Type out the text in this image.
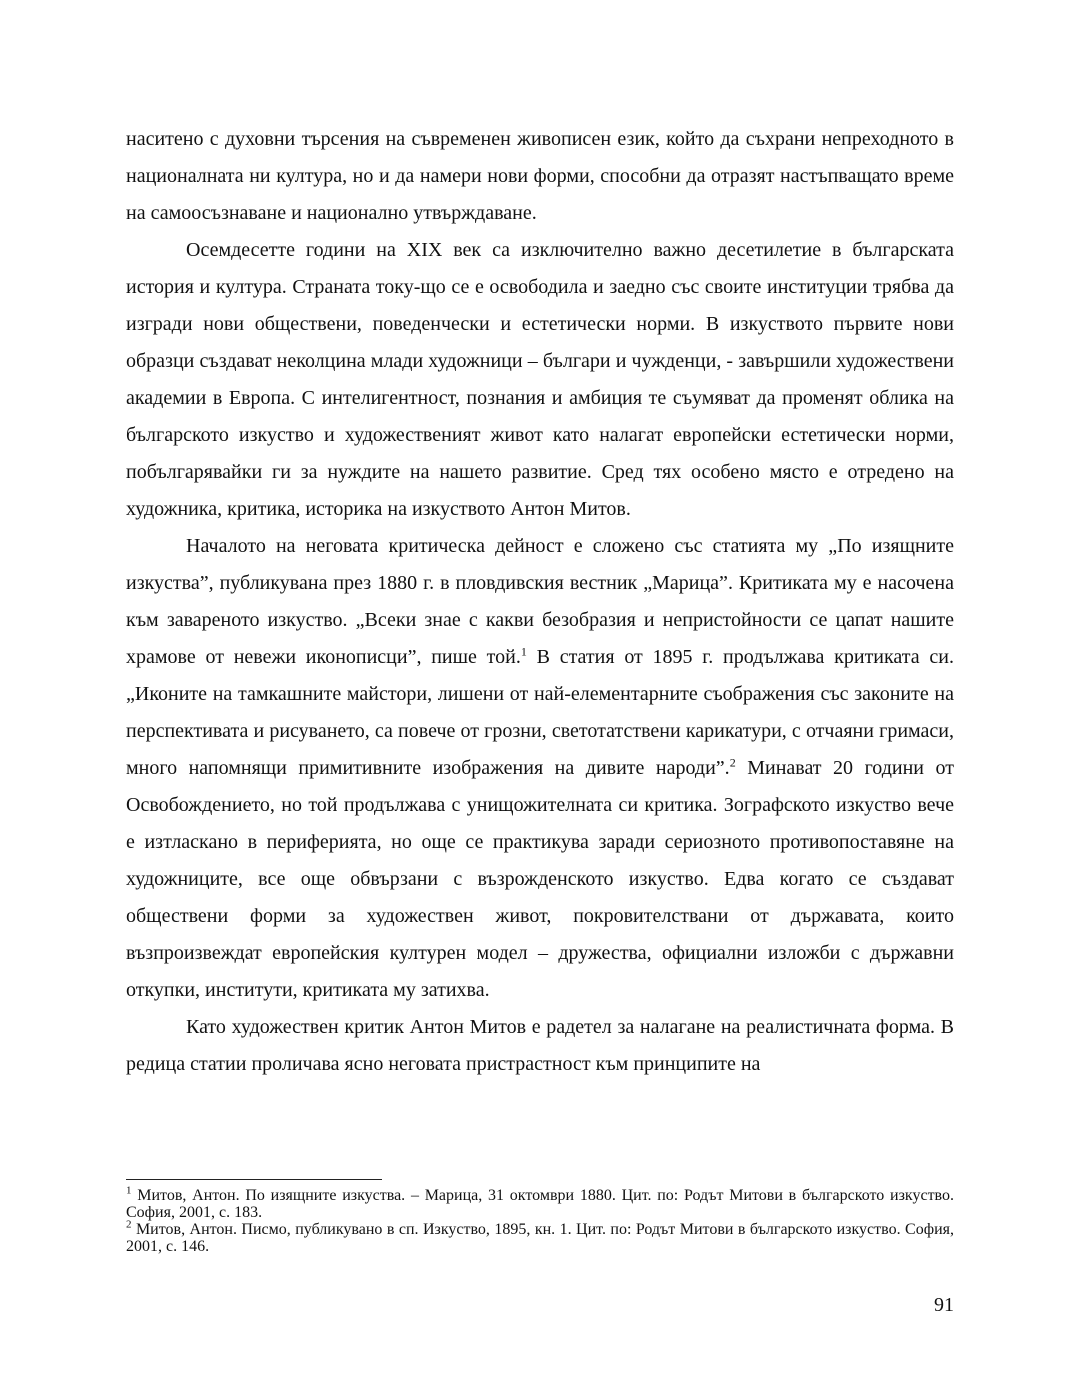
наситено с духовни търсения на съвременен живописен език, който да съхрани непреходното в националната ни култура, но и да намери нови форми, способни да отразят настъпващато време на самоосъзнаване и национално утвърждаване.

Осемдесетте години на XIX век са изключително важно десетилетие в българската история и култура. Страната току-що се е освободила и заедно със своите институции трябва да изгради нови обществени, поведенчески и естетически норми. В изкуството първите нови образци създават неколцина млади художници – българи и чужденци, - завършили художествени академии в Европа. С интелигентност, познания и амбиция те съумяват да променят облика на българското изкуство и художественият живот като налагат европейски естетически норми, побългарявайки ги за нуждите на нашето развитие. Сред тях особено място е отредено на художника, критика, историка на изкуството Антон Митов.

Началото на неговата критическа дейност е сложено със статията му „По изящните изкуства”, публикувана през 1880 г. в пловдивския вестник „Марица”. Критиката му е насочена към завареното изкуство. „Всеки знае с какви безобразия и непристойности се цапат нашите храмове от невежи иконописци”, пише той.$^1$ В статия от 1895 г. продължава критиката си. „Иконите на тамкашните майстори, лишени от най-елементарните съображения със законите на перспективата и рисуването, са повече от грозни, светотатствени карикатури, с отчаяни гримаси, много напомнящи примитивните изображения на дивите народи”.$^2$ Минават 20 години от Освобождението, но той продължава с унищожителната си критика. Зографското изкуство вече е изтласкано в периферията, но още се практикува заради сериозното противопоставяне на художниците, все още обвързани с възрожденското изкуство. Едва когато се създават обществени форми за художествен живот, покровителствани от държавата, които възпроизвеждат европейския културен модел – дружества, официални изложби с държавни откупки, институти, критиката му затихва.

Като художествен критик Антон Митов е радетел за налагане на реалистичната форма. В редица статии проличава ясно неговата пристрастност към принципите на

$^1$ Митов, Антон. По изящните изкуства. – Марица, 31 октомври 1880. Цит. по: Родът Митови в българското изкуство. София, 2001, с. 183.

$^2$ Митов, Антон. Писмо, публикувано в сп. Изкуство, 1895, кн. 1. Цит. по: Родът Митови в българското изкуство. София, 2001, с. 146.

91
